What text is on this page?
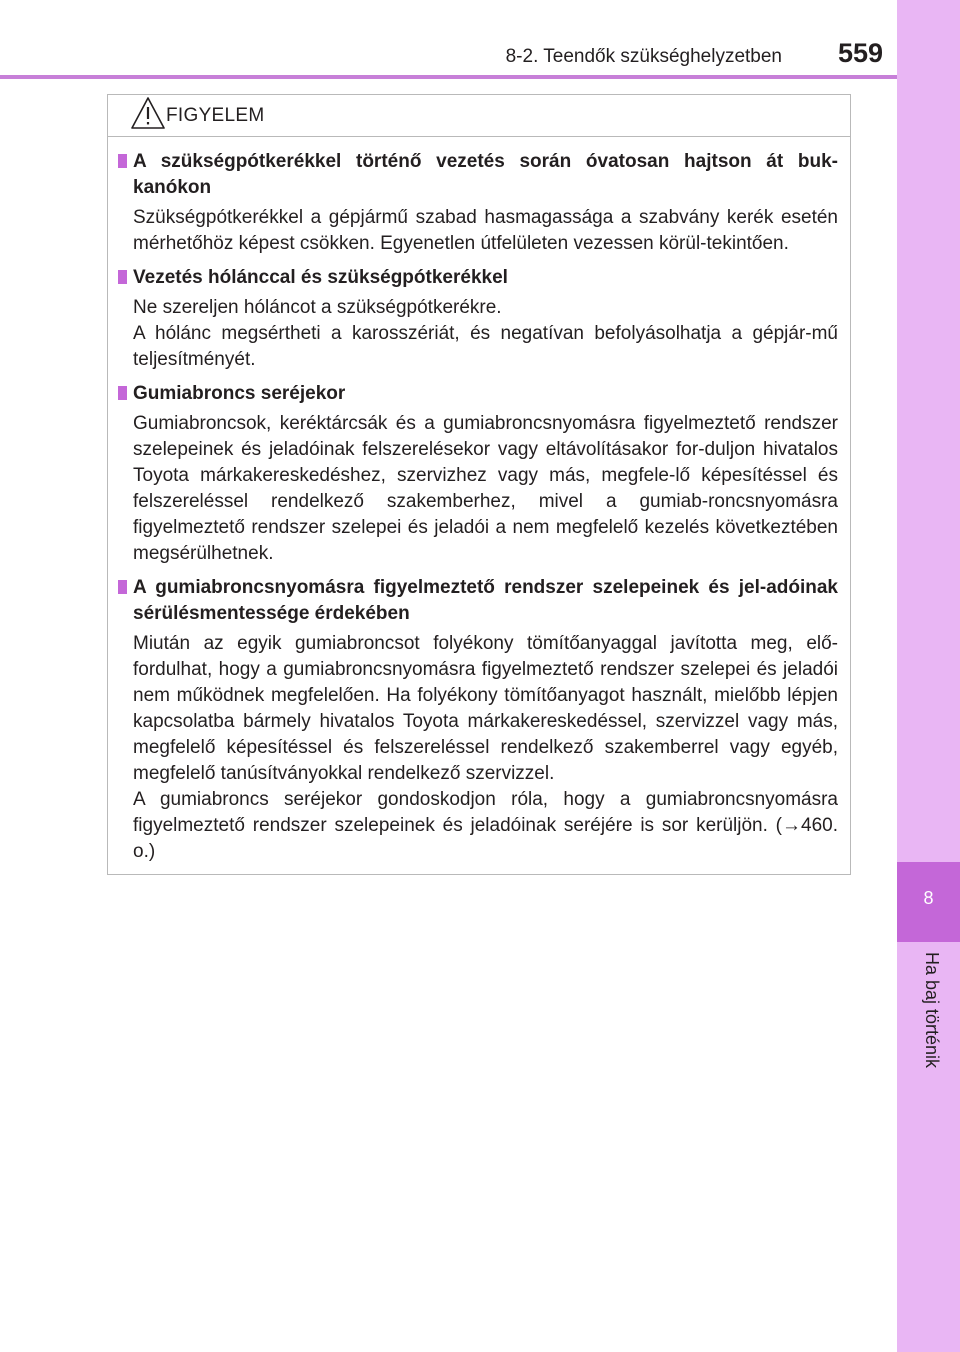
8-2. Teendők szükséghelyzetben 559
8
Ha baj történik
FIGYELEM
A szükségpótkerékkel történő vezetés során óvatosan hajtson át buk-kanókon
Szükségpótkerékkel a gépjármű szabad hasmagassága a szabvány kerék esetén mérhetőhöz képest csökken. Egyenetlen útfelületen vezessen körül-tekintően.
Vezetés hólánccal és szükségpótkerékkel
Ne szereljen hóláncot a szükségpótkerékre.
A hólánc megsértheti a karosszériát, és negatívan befolyásolhatja a gépjár-mű teljesítményét.
Gumiabroncs seréjekor
Gumiabroncsok, keréktárcsák és a gumiabroncsnyomásra figyelmeztető rendszer szelepeinek és jeladóinak felszerelésekor vagy eltávolításakor for-duljon hivatalos Toyota márkakereskedéshez, szervizhez vagy más, megfele-lő képesítéssel és felszereléssel rendelkező szakemberhez, mivel a gumiab-roncsnyomásra figyelmeztető rendszer szelepei és jeladói a nem megfelelő kezelés következtében megsérülhetnek.
A gumiabroncsnyomásra figyelmeztető rendszer szelepeinek és jel-adóinak sérülésmentessége érdekében
Miután az egyik gumiabroncsot folyékony tömítőanyaggal javította meg, elő-fordulhat, hogy a gumiabroncsnyomásra figyelmeztető rendszer szelepei és jeladói nem működnek megfelelően. Ha folyékony tömítőanyagot használt, mielőbb lépjen kapcsolatba bármely hivatalos Toyota márkakereskedéssel, szervizzel vagy más, megfelelő képesítéssel és felszereléssel rendelkező szakemberrel vagy egyéb, megfelelő tanúsítványokkal rendelkező szervizzel.
A gumiabroncs seréjekor gondoskodjon róla, hogy a gumiabroncsnyomásra figyelmeztető rendszer szelepeinek és jeladóinak seréjére is sor kerüljön. (→460. o.)
